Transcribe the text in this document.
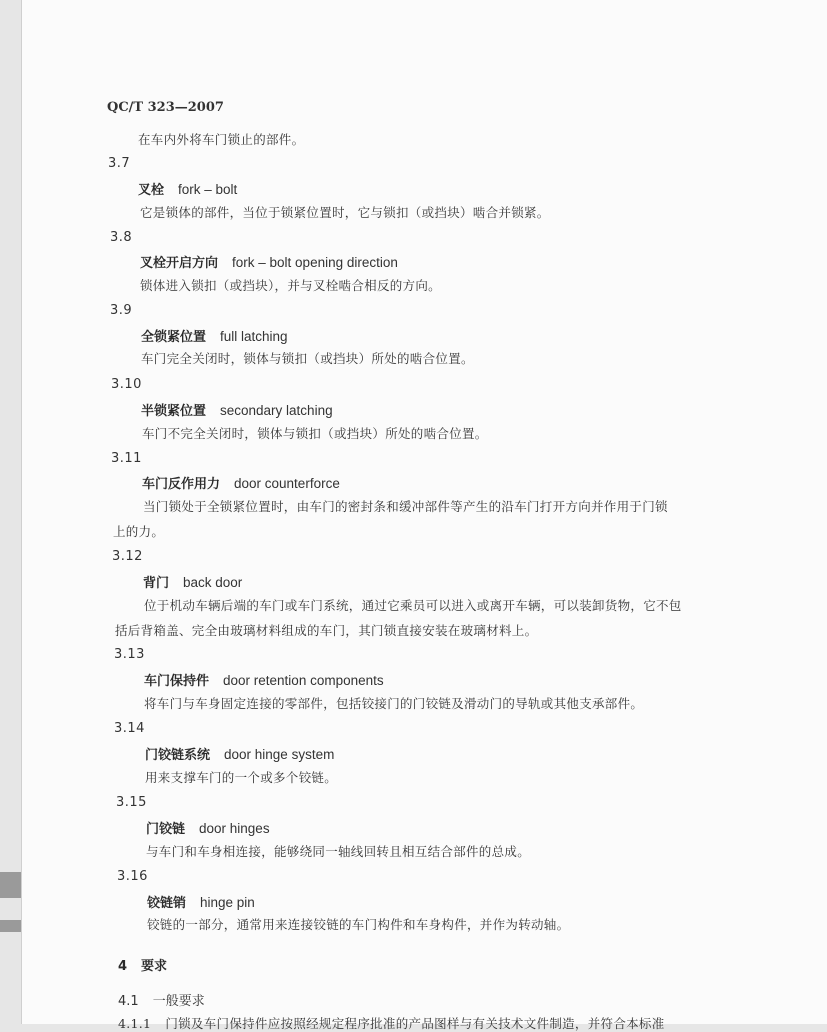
QC/T 323—2007
在车内外将车门锁止的部件。
3.7
叉栓 fork – bolt
它是锁体的部件，当位于锁紧位置时，它与锁扣（或挡块）啮合并锁紧。
3.8
叉栓开启方向 fork – bolt opening direction
锁体进入锁扣（或挡块），并与叉栓啮合相反的方向。
3.9
全锁紧位置 full latching
车门完全关闭时，锁体与锁扣（或挡块）所处的啮合位置。
3.10
半锁紧位置 secondary latching
车门不完全关闭时，锁体与锁扣（或挡块）所处的啮合位置。
3.11
车门反作用力 door counterforce
当门锁处于全锁紧位置时，由车门的密封条和缓冲部件等产生的沿车门打开方向并作用于门锁
上的力。
3.12
背门 back door
位于机动车辆后端的车门或车门系统，通过它乘员可以进入或离开车辆，可以装卸货物，它不包
括后背箱盖、完全由玻璃材料组成的车门，其门锁直接安装在玻璃材料上。
3.13
车门保持件 door retention components
将车门与车身固定连接的零部件，包括铰接门的门铰链及滑动门的导轨或其他支承部件。
3.14
门铰链系统 door hinge system
用来支撑车门的一个或多个铰链。
3.15
门铰链 door hinges
与车门和车身相连接，能够绕同一轴线回转且相互结合部件的总成。
3.16
铰链销 hinge pin
铰链的一部分，通常用来连接铰链的车门构件和车身构件，并作为转动轴。
4 要求
4.1 一般要求
4.1.1 门锁及车门保持件应按照经规定程序批准的产品图样与有关技术文件制造，并符合本标准
